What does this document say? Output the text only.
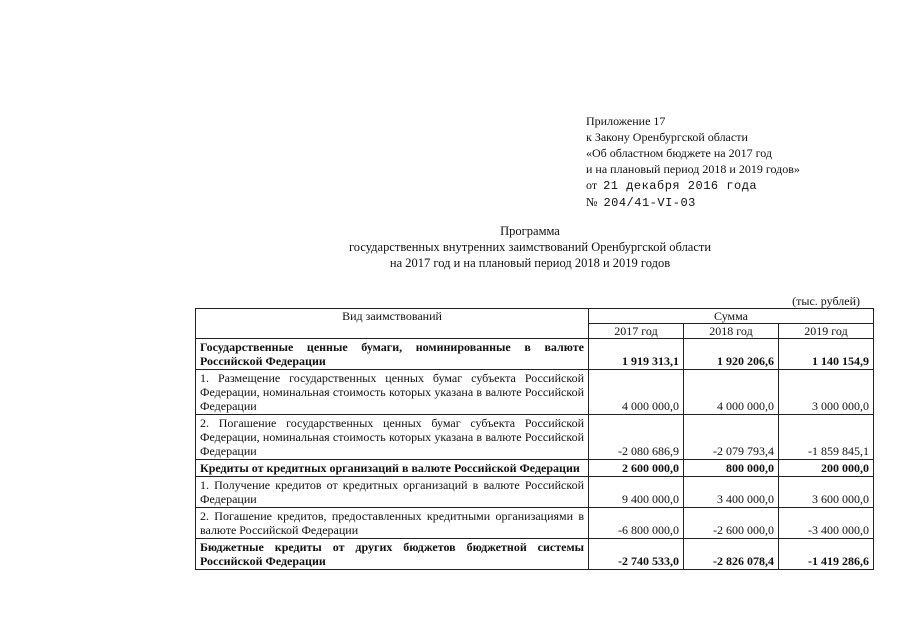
Приложение 17
к Закону Оренбургской области
«Об областном бюджете на 2017 год
и на плановый период 2018 и 2019 годов»
от 21 декабря 2016 года
№ 204/41-VI-03
Программа
государственных внутренних заимствований Оренбургской области
на 2017 год и на плановый период 2018 и 2019 годов
(тыс. рублей)
Вид заимствований	Сумма		
	2017 год	2018 год	2019 год
Государственные ценные бумаги, номинированные в валюте Российской Федерации	1 919 313,1	1 920 206,6	1 140 154,9
1. Размещение государственных ценных бумаг субъекта Российской Федерации, номинальная стоимость которых указана в валюте Российской Федерации	4 000 000,0	4 000 000,0	3 000 000,0
2. Погашение государственных ценных бумаг субъекта Российской Федерации, номинальная стоимость которых указана в валюте Российской Федерации	-2 080 686,9	-2 079 793,4	-1 859 845,1
Кредиты от кредитных организаций в валюте Российской Федерации	2 600 000,0	800 000,0	200 000,0
1. Получение кредитов от кредитных организаций в валюте Российской Федерации	9 400 000,0	3 400 000,0	3 600 000,0
2. Погашение кредитов, предоставленных кредитными организациями в валюте Российской Федерации	-6 800 000,0	-2 600 000,0	-3 400 000,0
Бюджетные кредиты от других бюджетов бюджетной системы Российской Федерации	-2 740 533,0	-2 826 078,4	-1 419 286,6
